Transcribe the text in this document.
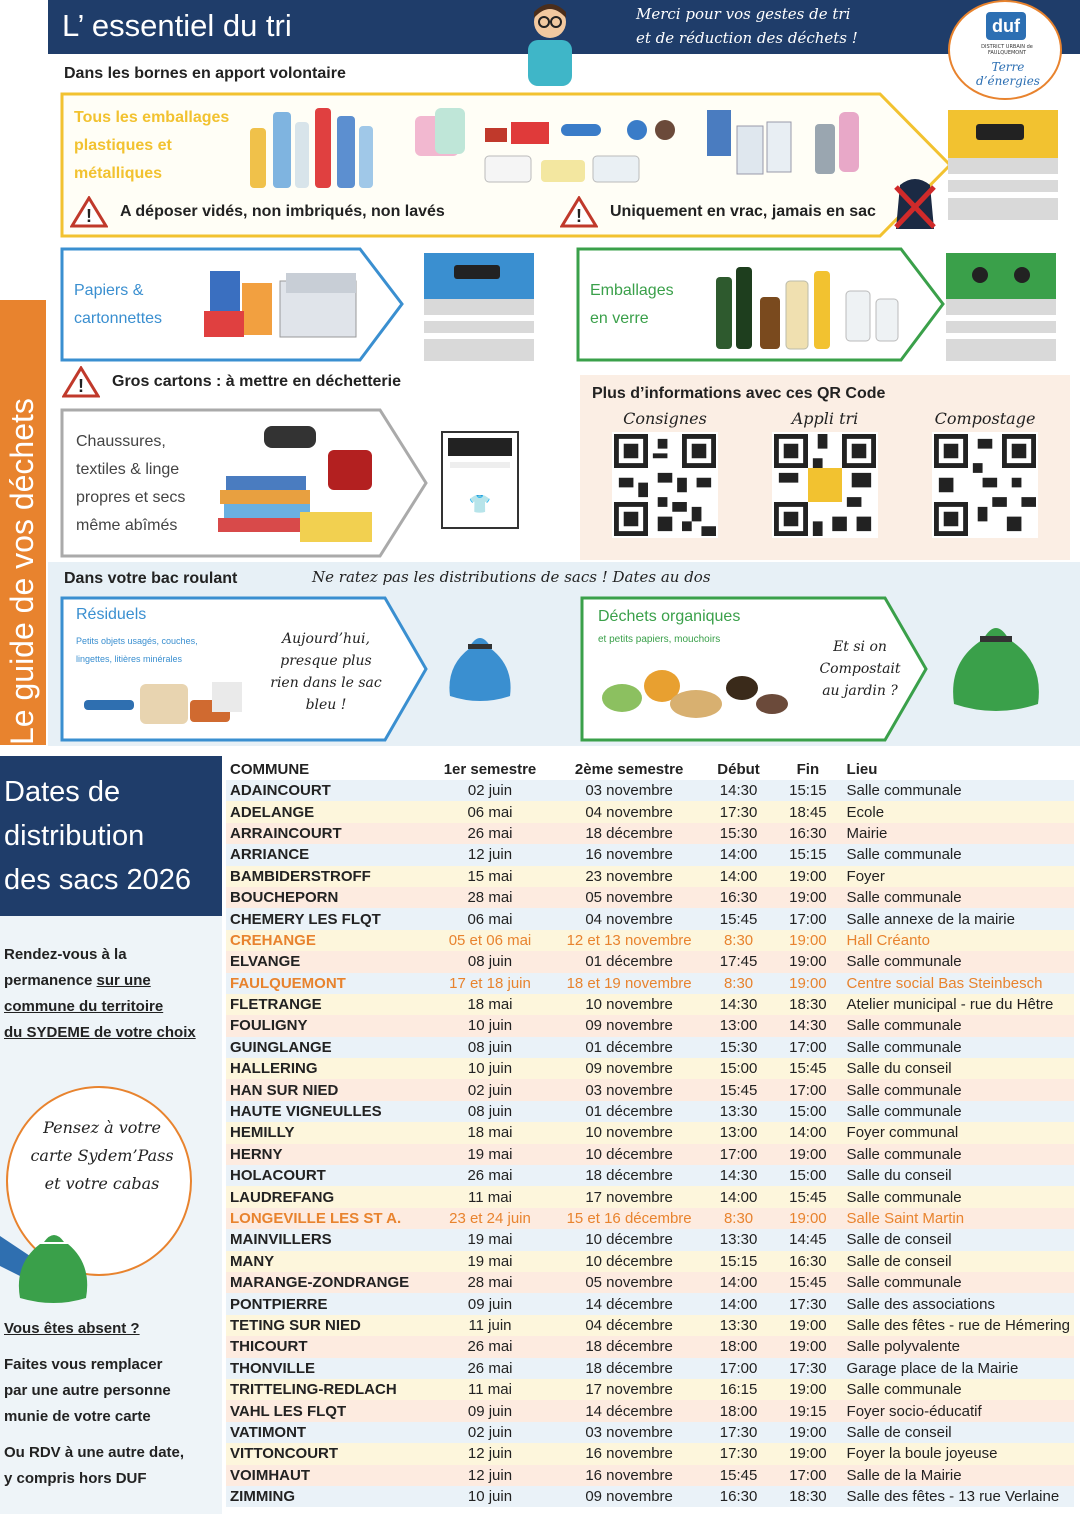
Le guide de vos déchets
L’ essentiel du tri	Merci pour vos gestes de tri
et de réduction des déchets !
duf
DISTRICT URBAIN de FAULQUEMONT
Terre d’énergies
Dans les bornes en apport volontaire
Tous les emballages
plastiques et
métalliques
! A déposer vidés, non imbriqués, non lavés	! Uniquement en vrac, jamais en sac
Papiers &
cartonnettes
Emballages
en verre
! Gros cartons : à mettre en déchetterie
Chaussures,
textiles & linge
propres et secs
même abîmés
👕
Plus d’informations avec ces QR Code
Consignes	Appli tri	Compostage
Dans votre bac roulant	Ne ratez pas les distributions de sacs ! Dates au dos
Résiduels
Petits objets usagés, couches,
lingettes, litières minérales
Aujourd’hui,
presque plus
rien dans le sac
bleu !
Déchets organiques
et petits papiers, mouchoirs	Et si on
Compostait
au jardin ?
Dates de
distribution
des sacs 2026
Rendez-vous à la
permanence sur une
commune du territoire
du SYDEME de votre choix
Pensez à votre
carte Sydem’Pass
et votre cabas
Vous êtes absent ?
Faites vous remplacer
par une autre personne
munie de votre carte
Ou RDV à une autre date,
y compris hors DUF
COMMUNE	1er semestre	2ème semestre	Début	Fin	Lieu
ADAINCOURT	02 juin	03 novembre	14:30	15:15	Salle communale
ADELANGE	06 mai	04 novembre	17:30	18:45	Ecole
ARRAINCOURT	26 mai	18 décembre	15:30	16:30	Mairie
ARRIANCE	12 juin	16 novembre	14:00	15:15	Salle communale
BAMBIDERSTROFF	15 mai	23 novembre	14:00	19:00	Foyer
BOUCHEPORN	28 mai	05 novembre	16:30	19:00	Salle communale
CHEMERY LES FLQT	06 mai	04 novembre	15:45	17:00	Salle annexe de la mairie
CREHANGE	05 et 06 mai	12 et 13 novembre	8:30	19:00	Hall Créanto
ELVANGE	08 juin	01 décembre	17:45	19:00	Salle communale
FAULQUEMONT	17 et 18 juin	18 et 19 novembre	8:30	19:00	Centre social Bas Steinbesch
FLETRANGE	18 mai	10 novembre	14:30	18:30	Atelier municipal - rue du Hêtre
FOULIGNY	10 juin	09 novembre	13:00	14:30	Salle communale
GUINGLANGE	08 juin	01 décembre	15:30	17:00	Salle communale
HALLERING	10 juin	09 novembre	15:00	15:45	Salle du conseil
HAN SUR NIED	02 juin	03 novembre	15:45	17:00	Salle communale
HAUTE VIGNEULLES	08 juin	01 décembre	13:30	15:00	Salle communale
HEMILLY	18 mai	10 novembre	13:00	14:00	Foyer communal
HERNY	19 mai	10 décembre	17:00	19:00	Salle communale
HOLACOURT	26 mai	18 décembre	14:30	15:00	Salle du conseil
LAUDREFANG	11 mai	17 novembre	14:00	15:45	Salle communale
LONGEVILLE LES ST A.	23 et 24 juin	15 et 16 décembre	8:30	19:00	Salle Saint Martin
MAINVILLERS	19 mai	10 décembre	13:30	14:45	Salle de conseil
MANY	19 mai	10 décembre	15:15	16:30	Salle de conseil
MARANGE-ZONDRANGE	28 mai	05 novembre	14:00	15:45	Salle communale
PONTPIERRE	09 juin	14 décembre	14:00	17:30	Salle des associations
TETING SUR NIED	11 juin	04 décembre	13:30	19:00	Salle des fêtes - rue de Hémering
THICOURT	26 mai	18 décembre	18:00	19:00	Salle polyvalente
THONVILLE	26 mai	18 décembre	17:00	17:30	Garage place de la Mairie
TRITTELING-REDLACH	11 mai	17 novembre	16:15	19:00	Salle communale
VAHL LES FLQT	09 juin	14 décembre	18:00	19:15	Foyer socio-éducatif
VATIMONT	02 juin	03 novembre	17:30	19:00	Salle de conseil
VITTONCOURT	12 juin	16 novembre	17:30	19:00	Foyer la boule joyeuse
VOIMHAUT	12 juin	16 novembre	15:45	17:00	Salle de la Mairie
ZIMMING	10 juin	09 novembre	16:30	18:30	Salle des fêtes - 13 rue Verlaine
